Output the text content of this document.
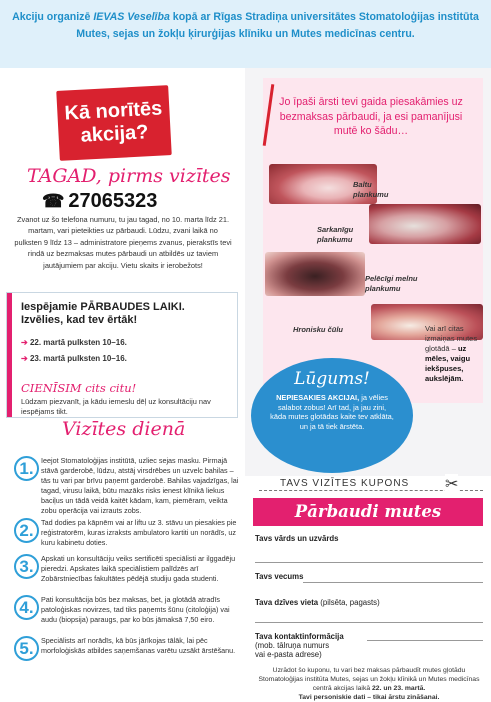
Akciju organizē IEVAS Veselība kopā ar Rīgas Stradiņa universitātes Stomatoloģijas institūta

Mutes, sejas un žokļu ķirurģijas klīniku un Mutes medicīnas centru.

Kā norītēs
akcija?
TAGAD, pirms vizītes
☎ 27065323

Zvanot uz šo telefona numuru, tu jau tagad, no 10. marta līdz 21. martam, vari pieteikties uz pārbaudi. Lūdzu, zvani laikā no pulksten 9 līdz 13 – administratore pieņems zvanus, pierakstīs tevi rindā uz bezmaksas mutes pārbaudi un atbildēs uz taviem jautājumiem par akciju. Vietu skaits ir ierobežots!

Iespējamie PĀRBAUDES LAIKI.
Izvēlies, kad tev ērtāk!
➔ 22. martā pulksten 10–16.
➔ 23. martā pulksten 10–16.
CIENĪSIM cits citu!

Lūdzam piezvanīt, ja kādu iemeslu dēļ uz konsultāciju nav iespējams tikt.

Vizītes dienā
1.	Ieejot Stomatoloģijas institūtā, uzliec sejas masku. Pirmajā stāvā garderobē, lūdzu, atstāj virsdrēbes un uzvelc bahilas – tās tu vari par brīvu paņemt garderobē. Bahilas vajadzīgas, lai tagad, virusu laikā, būtu mazāks risks ienest klīnikā liekus baciļus un tādā veidā kaitēt kādam, kam, piemēram, veikta zobu operācija vai izrauts zobs.

2.	Tad dodies pa kāpnēm vai ar liftu uz 3. stāvu un piesakies pie reģistratorēm, kuras izraksts ambulatoro kartiti un norādīs, uz kuru kabinetu doties.

3.	Apskati un konsultāciju veiks sertificēti speciālisti ar ilggadēju pieredzi. Apskates laikā speciālistiem palīdzēs arī Zobārstniecības fakultātes pēdējā studiju gada studenti.

4.	Pati konsultācija būs bez maksas, bet, ja glotādā atradīs patoloģiskas novirzes, tad tiks paņemts šūnu (citoloģija) vai audu (biopsija) paraugs, par ko būs jāmaksā 7,50 eiro.

5.	Speciālists arī norādīs, kā būs jārīkojas tālāk, lai pēc morfoloģiskās atbildes saņemšanas varētu uzsākt ārstēšanu.

Jo īpaši ārsti tevi gaida piesakāmies uz bezmaksas pārbaudi, ja esi pamanījusi mutē ko šādu…

Baltu
plankumu
Sarkanīgu
plankumu
Pelēcīgi melnu
plankumu
Hronisku čūlu	Vai arī citas izmaiņas mutes gļotādā – uz mēles, vaigu iekšpuses, aukslējām.

Lūgums!

NEPIESAKIES AKCIJAI, ja vēlies salabot zobus! Arī tad, ja jau zini, kāda mutes glotādas kaite tev atklāta, un ja tā tiek ārstēta.

TAVS VIZĪTES KUPONS	✂
Pārbaudi mutes gļotādu!
Tavs vārds un uzvārds
Tavs vecums
Tava dzīves vieta (pilsēta, pagasts)
Tava kontaktinformācija
(mob. tālruņa numurs
vai e-pasta adrese)

Uzrādot šo kuponu, tu vari bez maksas pārbaudīt mutes gļotādu Stomatoloģijas institūta Mutes, sejas un žokļu klīnikā un Mutes medicīnas centrā akcijas laikā 22. un 23. martā.
Tavi personiskie dati – tikai ārstu zināšanai.
